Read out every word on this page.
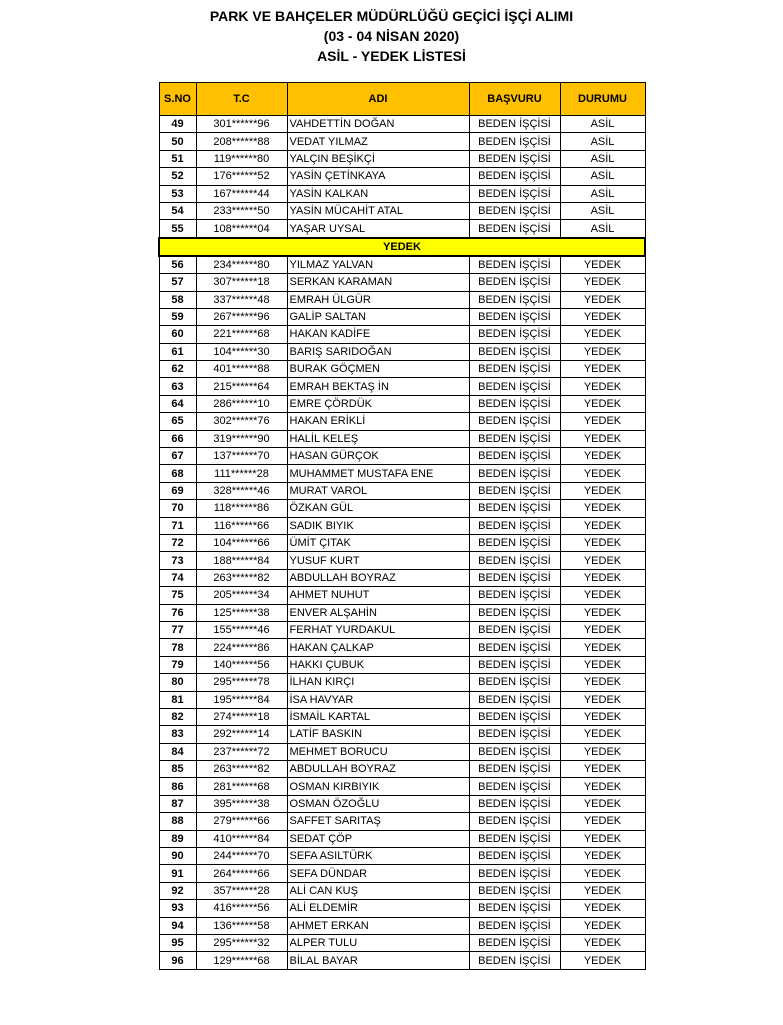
PARK VE BAHÇELER MÜDÜRLÜĞÜ GEÇİCİ İŞÇİ ALIMI
(03 - 04 NİSAN 2020)
ASİL - YEDEK LİSTESİ
S.NO	T.C	ADI	BAŞVURU	DURUMU
49	301******96	VAHDETTİN DOĞAN	BEDEN İŞÇİSİ	ASİL
50	208******88	VEDAT YILMAZ	BEDEN İŞÇİSİ	ASİL
51	119******80	YALÇIN BEŞİKÇİ	BEDEN İŞÇİSİ	ASİL
52	176******52	YASİN ÇETİNKAYA	BEDEN İŞÇİSİ	ASİL
53	167******44	YASİN KALKAN	BEDEN İŞÇİSİ	ASİL
54	233******50	YASİN MÜCAHİT ATAL	BEDEN İŞÇİSİ	ASİL
55	108******04	YAŞAR UYSAL	BEDEN İŞÇİSİ	ASİL
YEDEK				
56	234******80	YILMAZ YALVAN	BEDEN İŞÇİSİ	YEDEK
57	307******18	SERKAN KARAMAN	BEDEN İŞÇİSİ	YEDEK
58	337******48	EMRAH ÜLGÜR	BEDEN İŞÇİSİ	YEDEK
59	267******96	GALİP SALTAN	BEDEN İŞÇİSİ	YEDEK
60	221******68	HAKAN KADİFE	BEDEN İŞÇİSİ	YEDEK
61	104******30	BARIŞ SARIDOĞAN	BEDEN İŞÇİSİ	YEDEK
62	401******88	BURAK GÖÇMEN	BEDEN İŞÇİSİ	YEDEK
63	215******64	EMRAH BEKTAŞ İN	BEDEN İŞÇİSİ	YEDEK
64	286******10	EMRE ÇÖRDÜK	BEDEN İŞÇİSİ	YEDEK
65	302******76	HAKAN ERİKLİ	BEDEN İŞÇİSİ	YEDEK
66	319******90	HALİL KELEŞ	BEDEN İŞÇİSİ	YEDEK
67	137******70	HASAN GÜRÇOK	BEDEN İŞÇİSİ	YEDEK
68	111******28	MUHAMMET MUSTAFA ENE	BEDEN İŞÇİSİ	YEDEK
69	328******46	MURAT VAROL	BEDEN İŞÇİSİ	YEDEK
70	118******86	ÖZKAN GÜL	BEDEN İŞÇİSİ	YEDEK
71	116******66	SADIK BIYIK	BEDEN İŞÇİSİ	YEDEK
72	104******66	ÜMİT ÇITAK	BEDEN İŞÇİSİ	YEDEK
73	188******84	YUSUF KURT	BEDEN İŞÇİSİ	YEDEK
74	263******82	ABDULLAH BOYRAZ	BEDEN İŞÇİSİ	YEDEK
75	205******34	AHMET NUHUT	BEDEN İŞÇİSİ	YEDEK
76	125******38	ENVER ALŞAHİN	BEDEN İŞÇİSİ	YEDEK
77	155******46	FERHAT YURDAKUL	BEDEN İŞÇİSİ	YEDEK
78	224******86	HAKAN ÇALKAP	BEDEN İŞÇİSİ	YEDEK
79	140******56	HAKKI ÇUBUK	BEDEN İŞÇİSİ	YEDEK
80	295******78	İLHAN KIRÇI	BEDEN İŞÇİSİ	YEDEK
81	195******84	İSA HAVYAR	BEDEN İŞÇİSİ	YEDEK
82	274******18	İSMAİL KARTAL	BEDEN İŞÇİSİ	YEDEK
83	292******14	LATİF BASKIN	BEDEN İŞÇİSİ	YEDEK
84	237******72	MEHMET BORUCU	BEDEN İŞÇİSİ	YEDEK
85	263******82	ABDULLAH BOYRAZ	BEDEN İŞÇİSİ	YEDEK
86	281******68	OSMAN KIRBIYIK	BEDEN İŞÇİSİ	YEDEK
87	395******38	OSMAN ÖZOĞLU	BEDEN İŞÇİSİ	YEDEK
88	279******66	SAFFET SARITAŞ	BEDEN İŞÇİSİ	YEDEK
89	410******84	SEDAT ÇÖP	BEDEN İŞÇİSİ	YEDEK
90	244******70	SEFA ASILTÜRK	BEDEN İŞÇİSİ	YEDEK
91	264******66	SEFA DÜNDAR	BEDEN İŞÇİSİ	YEDEK
92	357******28	ALİ CAN KUŞ	BEDEN İŞÇİSİ	YEDEK
93	416******56	ALİ ELDEMİR	BEDEN İŞÇİSİ	YEDEK
94	136******58	AHMET ERKAN	BEDEN İŞÇİSİ	YEDEK
95	295******32	ALPER TULU	BEDEN İŞÇİSİ	YEDEK
96	129******68	BİLAL BAYAR	BEDEN İŞÇİSİ	YEDEK
